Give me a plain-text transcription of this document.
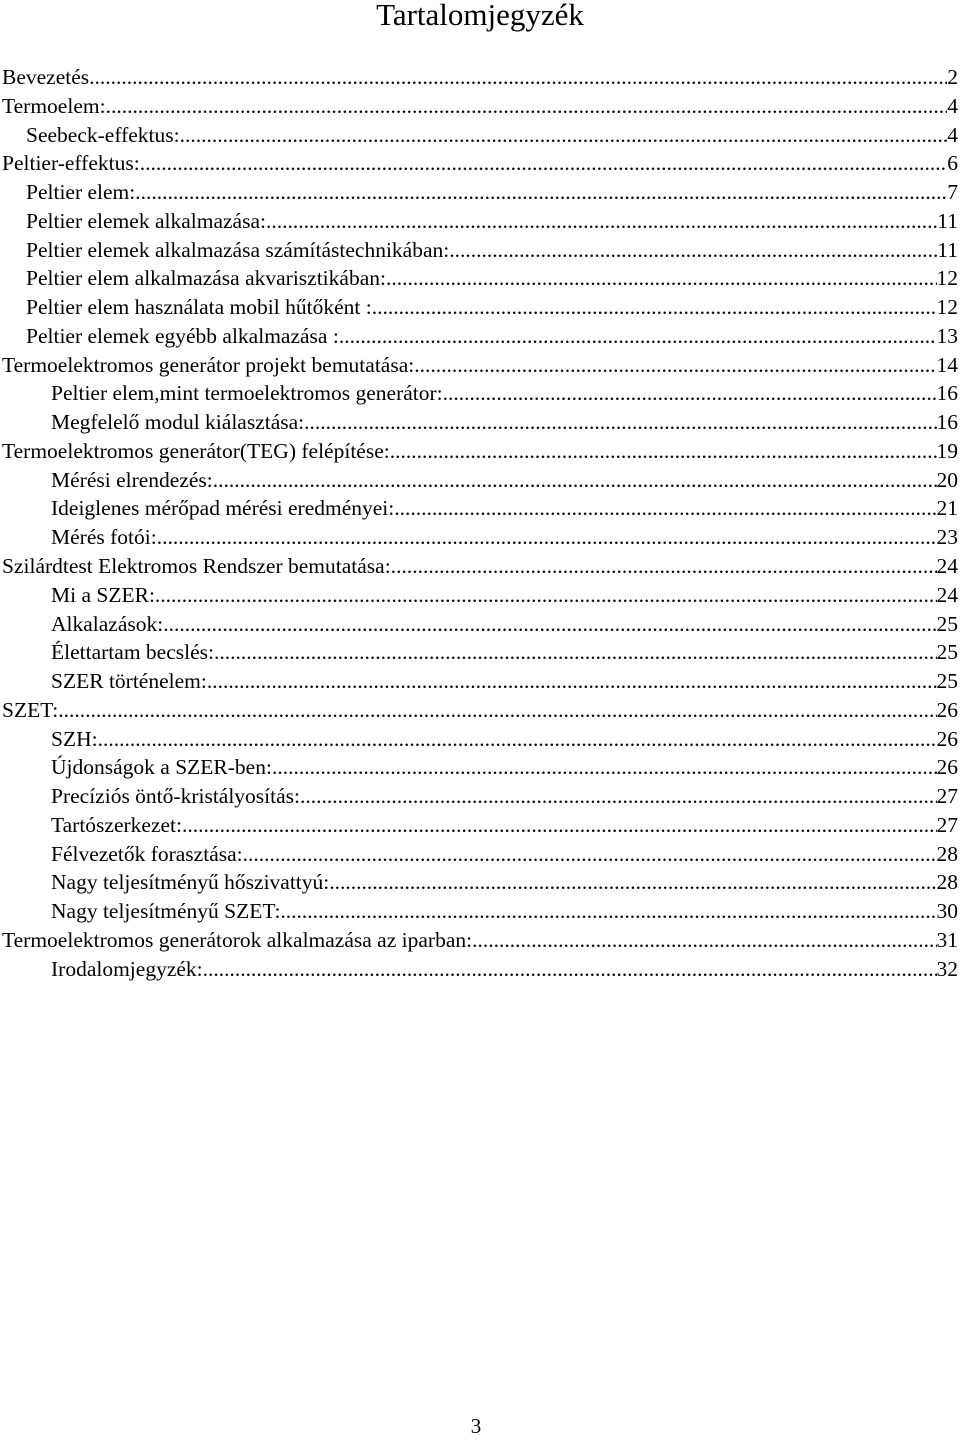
Tartalomjegyzék
Bevezetés .....	2
Termoelem: .....	4
Seebeck-effektus: .....	4
Peltier-effektus: .....	6
Peltier elem: .....	7
Peltier elemek alkalmazása: .....	11
Peltier elemek alkalmazása számítástechnikában: .....	11
Peltier elem alkalmazása akvarisztikában: .....	12
Peltier elem használata mobil hűtőként : .....	12
Peltier elemek egyébb alkalmazása : .....	13
Termoelektromos generátor projekt bemutatása: .....	14
Peltier elem,mint termoelektromos generátor: .....	16
Megfelelő modul kiálasztása: .....	16
Termoelektromos generátor(TEG) felépítése: .....	19
Mérési elrendezés: .....	20
Ideiglenes mérőpad mérési eredményei: .....	21
Mérés fotói: .....	23
Szilárdtest Elektromos Rendszer bemutatása: .....	24
Mi a SZER: .....	24
Alkalazások: .....	25
Élettartam becslés: .....	25
SZER történelem: .....	25
SZET: .....	26
SZH: .....	26
Újdonságok a SZER-ben: .....	26
Precíziós öntő-kristályosítás: .....	27
Tartószerkezet: .....	27
Félvezetők forasztása: .....	28
Nagy teljesítményű hőszivattyú: .....	28
Nagy teljesítményű SZET: .....	30
Termoelektromos generátorok alkalmazása az iparban: .....	31
Irodalomjegyzék: .....	32
3
